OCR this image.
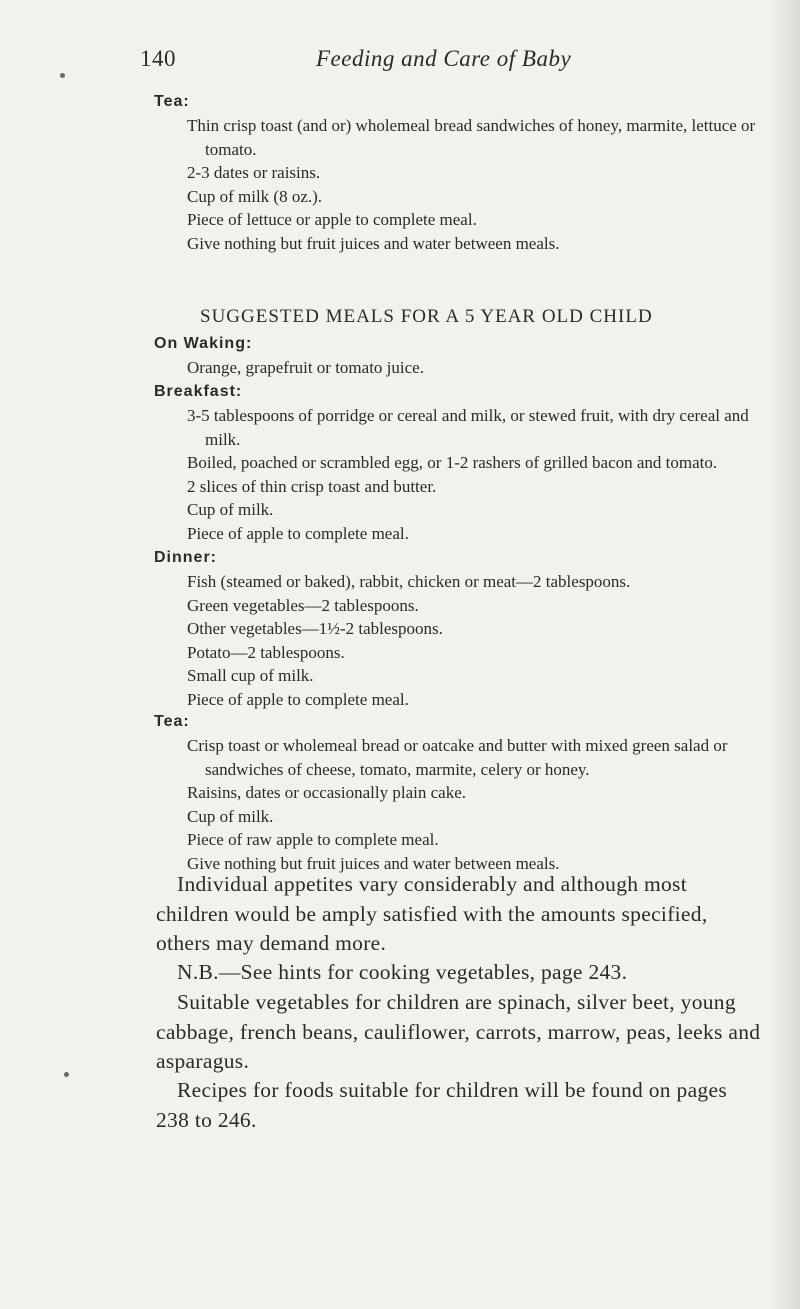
140	Feeding and Care of Baby
Tea:
Thin crisp toast (and or) wholemeal bread sandwiches of honey, marmite, lettuce or tomato.
2-3 dates or raisins.
Cup of milk (8 oz.).
Piece of lettuce or apple to complete meal.
Give nothing but fruit juices and water between meals.
SUGGESTED MEALS FOR A 5 YEAR OLD CHILD
On Waking:
Orange, grapefruit or tomato juice.
Breakfast:
3-5 tablespoons of porridge or cereal and milk, or stewed fruit, with dry cereal and milk.
Boiled, poached or scrambled egg, or 1-2 rashers of grilled bacon and tomato.
2 slices of thin crisp toast and butter.
Cup of milk.
Piece of apple to complete meal.
Dinner:
Fish (steamed or baked), rabbit, chicken or meat—2 tablespoons.
Green vegetables—2 tablespoons.
Other vegetables—1½-2 tablespoons.
Potato—2 tablespoons.
Small cup of milk.
Piece of apple to complete meal.
Tea:
Crisp toast or wholemeal bread or oatcake and butter with mixed green salad or sandwiches of cheese, tomato, marmite, celery or honey.
Raisins, dates or occasionally plain cake.
Cup of milk.
Piece of raw apple to complete meal.
Give nothing but fruit juices and water between meals.

Individual appetites vary considerably and although most children would be amply satisfied with the amounts specified, others may demand more.

N.B.—See hints for cooking vegetables, page 243.

Suitable vegetables for children are spinach, silver beet, young cabbage, french beans, cauliflower, carrots, marrow, peas, leeks and asparagus.

Recipes for foods suitable for children will be found on pages 238 to 246.
